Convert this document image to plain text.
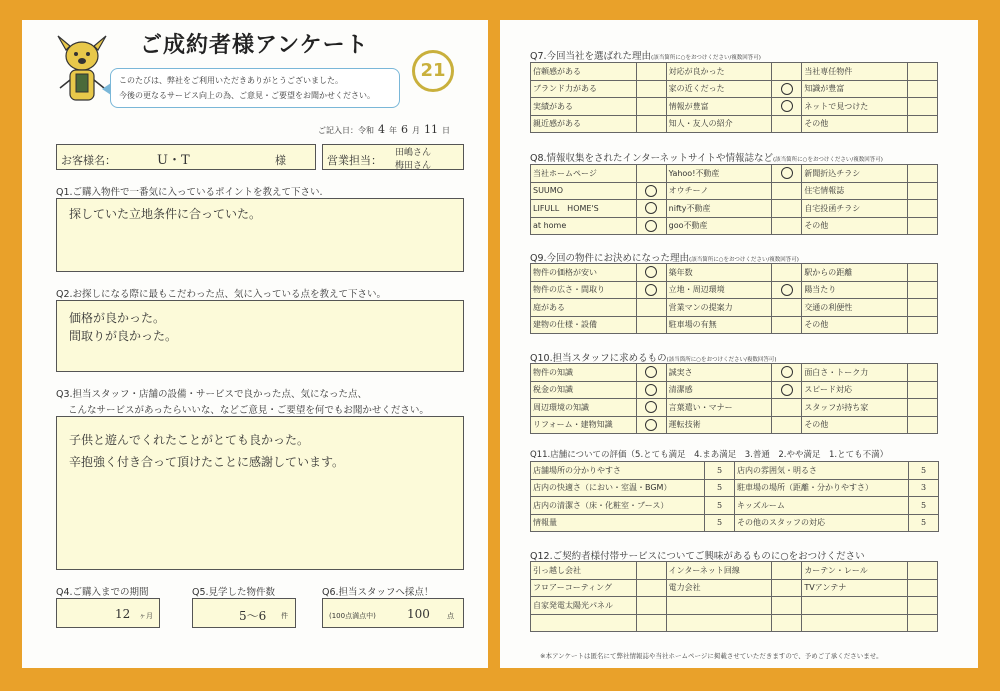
ご成約者様アンケート
21
このたびは、弊社をご利用いただきありがとうございました。
今後の更なるサービス向上の為、ご意見・ご要望をお聞かせください。
ご記入日：令和 4 年 6 月 11 日
お客様名：	U・T	様	営業担当：
田嶋さん
梅田さん
Q1.ご購入物件で一番気に入っているポイントを教えて下さい.
探していた立地条件に合っていた。
Q2.お探しになる際に最もこだわった点、気に入っている点を教えて下さい。
価格が良かった。
間取りが良かった。
Q3.担当スタッフ・店舗の設備・サービスで良かった点、気になった点、
こんなサービスがあったらいいな、などご意見・ご要望を何でもお聞かせください。
子供と遊んでくれたことがとても良かった。
辛抱強く付き合って頂けたことに感謝しています。
Q4.ご購入までの期間
12 ヶ月
Q5.見学した物件数
5〜6 件
Q6.担当スタッフへ採点！
(100点満点中)	100 点
Q7.今回当社を選ばれた理由(該当箇所に○をおつけください/複数回答可)
信頼感がある		対応が良かった		当社専任物件	
ブランド力がある		家の近くだった		知識が豊富	
実績がある		情報が豊富		ネットで見つけた	
親近感がある		知人・友人の紹介		その他	
Q8.情報収集をされたインターネットサイトや情報誌など(該当箇所に○をおつけください/複数回答可)
当社ホームページ		Yahoo!不動産		新聞折込チラシ	
SUUMO		オウチーノ		住宅情報誌	
LIFULL　HOME'S		nifty不動産		自宅投函チラシ	
at home		goo不動産		その他	
Q9.今回の物件にお決めになった理由(該当箇所に○をおつけください/複数回答可)
物件の価格が安い		築年数		駅からの距離	
物件の広さ・間取り		立地・周辺環境		陽当たり	
庭がある		営業マンの提案力		交通の利便性	
建物の仕様・設備		駐車場の有無		その他	
Q10.担当スタッフに求めるもの(該当箇所に○をおつけください/複数回答可)
物件の知識		誠実さ		面白さ・トーク力	
税金の知識		清潔感		スピード対応	
周辺環境の知識		言葉遣い・マナー		スタッフが持ち家	
リフォーム・建物知識		運転技術		その他	
Q11.店舗についての評価（5.とても満足　4.まあ満足　3.普通　2.やや満足　1.とても不満）
店舗場所の分かりやすさ	5	店内の雰囲気・明るさ	5
店内の快適さ（におい・室温・BGM）	5	駐車場の場所（距離・分かりやすさ）	3
店内の清潔さ（床・化粧室・ブース）	5	キッズルーム	5
情報量	5	その他のスタッフの対応	5
Q12.ご契約者様付帯サービスについてご興味があるものに○をおつけください
引っ越し会社		インターネット回線		カーテン・レール	
フロアーコーティング		電力会社		TVアンテナ	
自家発電太陽光パネル					

※本アンケートは匿名にて弊社情報誌や当社ホームページに掲載させていただきますので、予めご了承くださいませ。
